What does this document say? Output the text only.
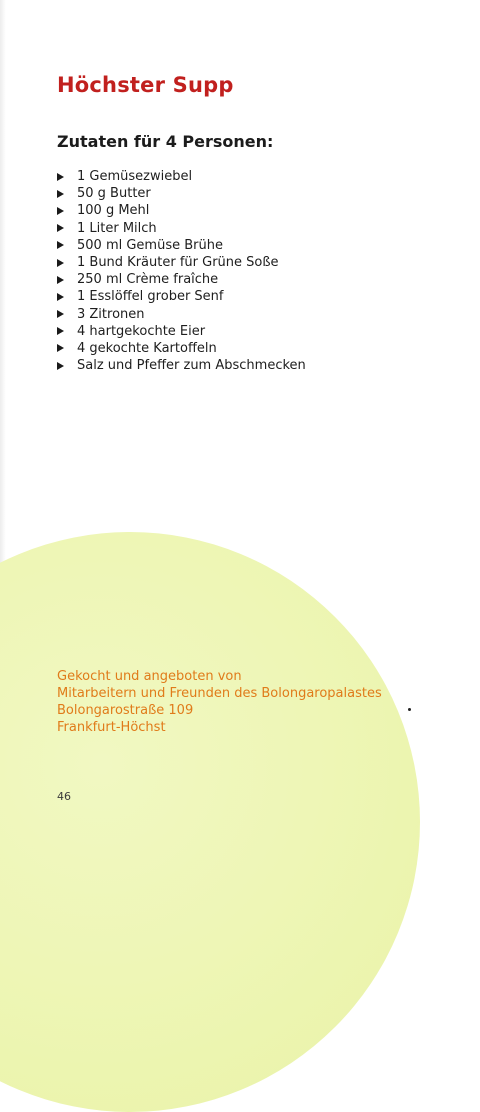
Höchster Supp
Zutaten für 4 Personen:
1 Gemüsezwiebel
50 g Butter
100 g Mehl
1 Liter Milch
500 ml Gemüse Brühe
1 Bund Kräuter für Grüne Soße
250 ml Crème fraîche
1 Esslöffel grober Senf
3 Zitronen
4 hartgekochte Eier
4 gekochte Kartoffeln
Salz und Pfeffer zum Abschmecken
Gekocht und angeboten von
Mitarbeitern und Freunden des Bolongaropalastes
Bolongarostraße 109
Frankfurt-Höchst
46
